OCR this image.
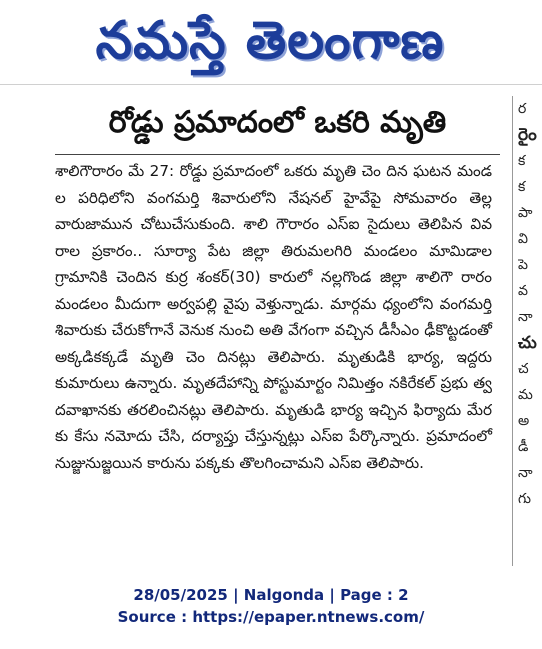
నమస్తే తెలంగాణ
రోడ్డు ప్రమాదంలో ఒకరి మృతి
శాలిగౌరారం మే 27: రోడ్డు ప్రమాదంలో ఒకరు మృతి చెం దిన ఘటన మండల పరిధిలోని వంగమర్తి శివారులోని నేషనల్ హైవేపై సోమవారం తెల్లవారుజామున చోటుచేసుకుంది. శాలి గౌరారం ఎస్ఐ సైదులు తెలిపిన వివరాల ప్రకారం.. సూర్యా పేట జిల్లా తిరుమలగిరి మండలం మామిడాల గ్రామానికి చెందిన కుర్ర శంకర్(30) కారులో నల్లగొండ జిల్లా శాలిగౌ రారం మండలం మీదుగా అర్వపల్లి వైపు వెళ్తున్నాడు. మార్గమ ధ్యంలోని వంగమర్తి శివారుకు చేరుకోగానే వెనుక నుంచి అతి వేగంగా వచ్చిన డీసీఎం ఢీకొట్టడంతో అక్కడికక్కడే మృతి చెం దినట్లు తెలిపారు. మృతుడికి భార్య, ఇద్దరు కుమారులు ఉన్నారు. మృతదేహాన్ని పోస్టుమార్టం నిమిత్తం నకిరేకల్ ప్రభు త్వ దవాఖానకు తరలించినట్లు తెలిపారు. మృతుడి భార్య ఇచ్చిన ఫిర్యాదు మేరకు కేసు నమోదు చేసి, దర్యాప్తు చేస్తున్నట్లు ఎస్ఐ పేర్కొన్నారు. ప్రమాదంలో నుజ్జునుజ్జయిన కారును పక్కకు తొలగించామని ఎస్ఐ తెలిపారు.
ర
రైం
క
క
పా
వి
పె
వ
నా
చు
చ
మ
అ
డీ
నా
గు
28/05/2025 | Nalgonda | Page : 2
Source : https://epaper.ntnews.com/
